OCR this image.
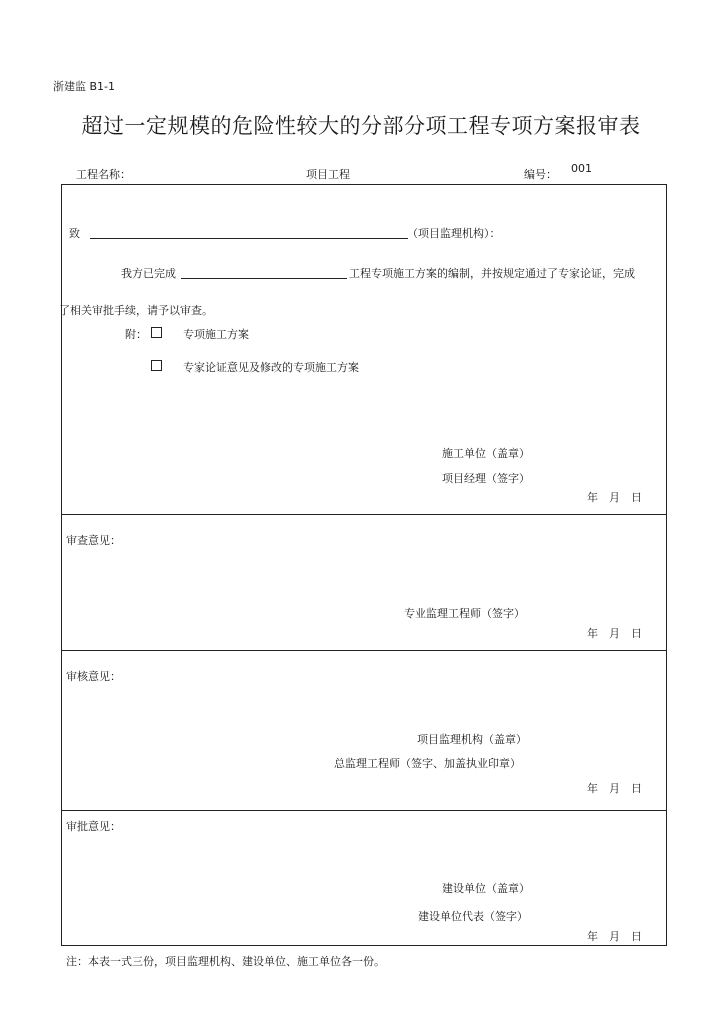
浙建监 B1-1
超过一定规模的危险性较大的分部分项工程专项方案报审表
工程名称：	项目工程	编号： 001
致	（项目监理机构）：
我方已完成	工程专项施工方案的编制，并按规定通过了专家论证，完成
了相关审批手续，请予以审查。
附：	专项施工方案
专家论证意见及修改的专项施工方案
施工单位（盖章）
项目经理（签字）
年　月　日
审查意见：
专业监理工程师（签字）
年　月　日
审核意见：
项目监理机构（盖章）
总监理工程师（签字、加盖执业印章）
年　月　日
审批意见：
建设单位（盖章）
建设单位代表（签字）
年　月　日
注：本表一式三份，项目监理机构、建设单位、施工单位各一份。
